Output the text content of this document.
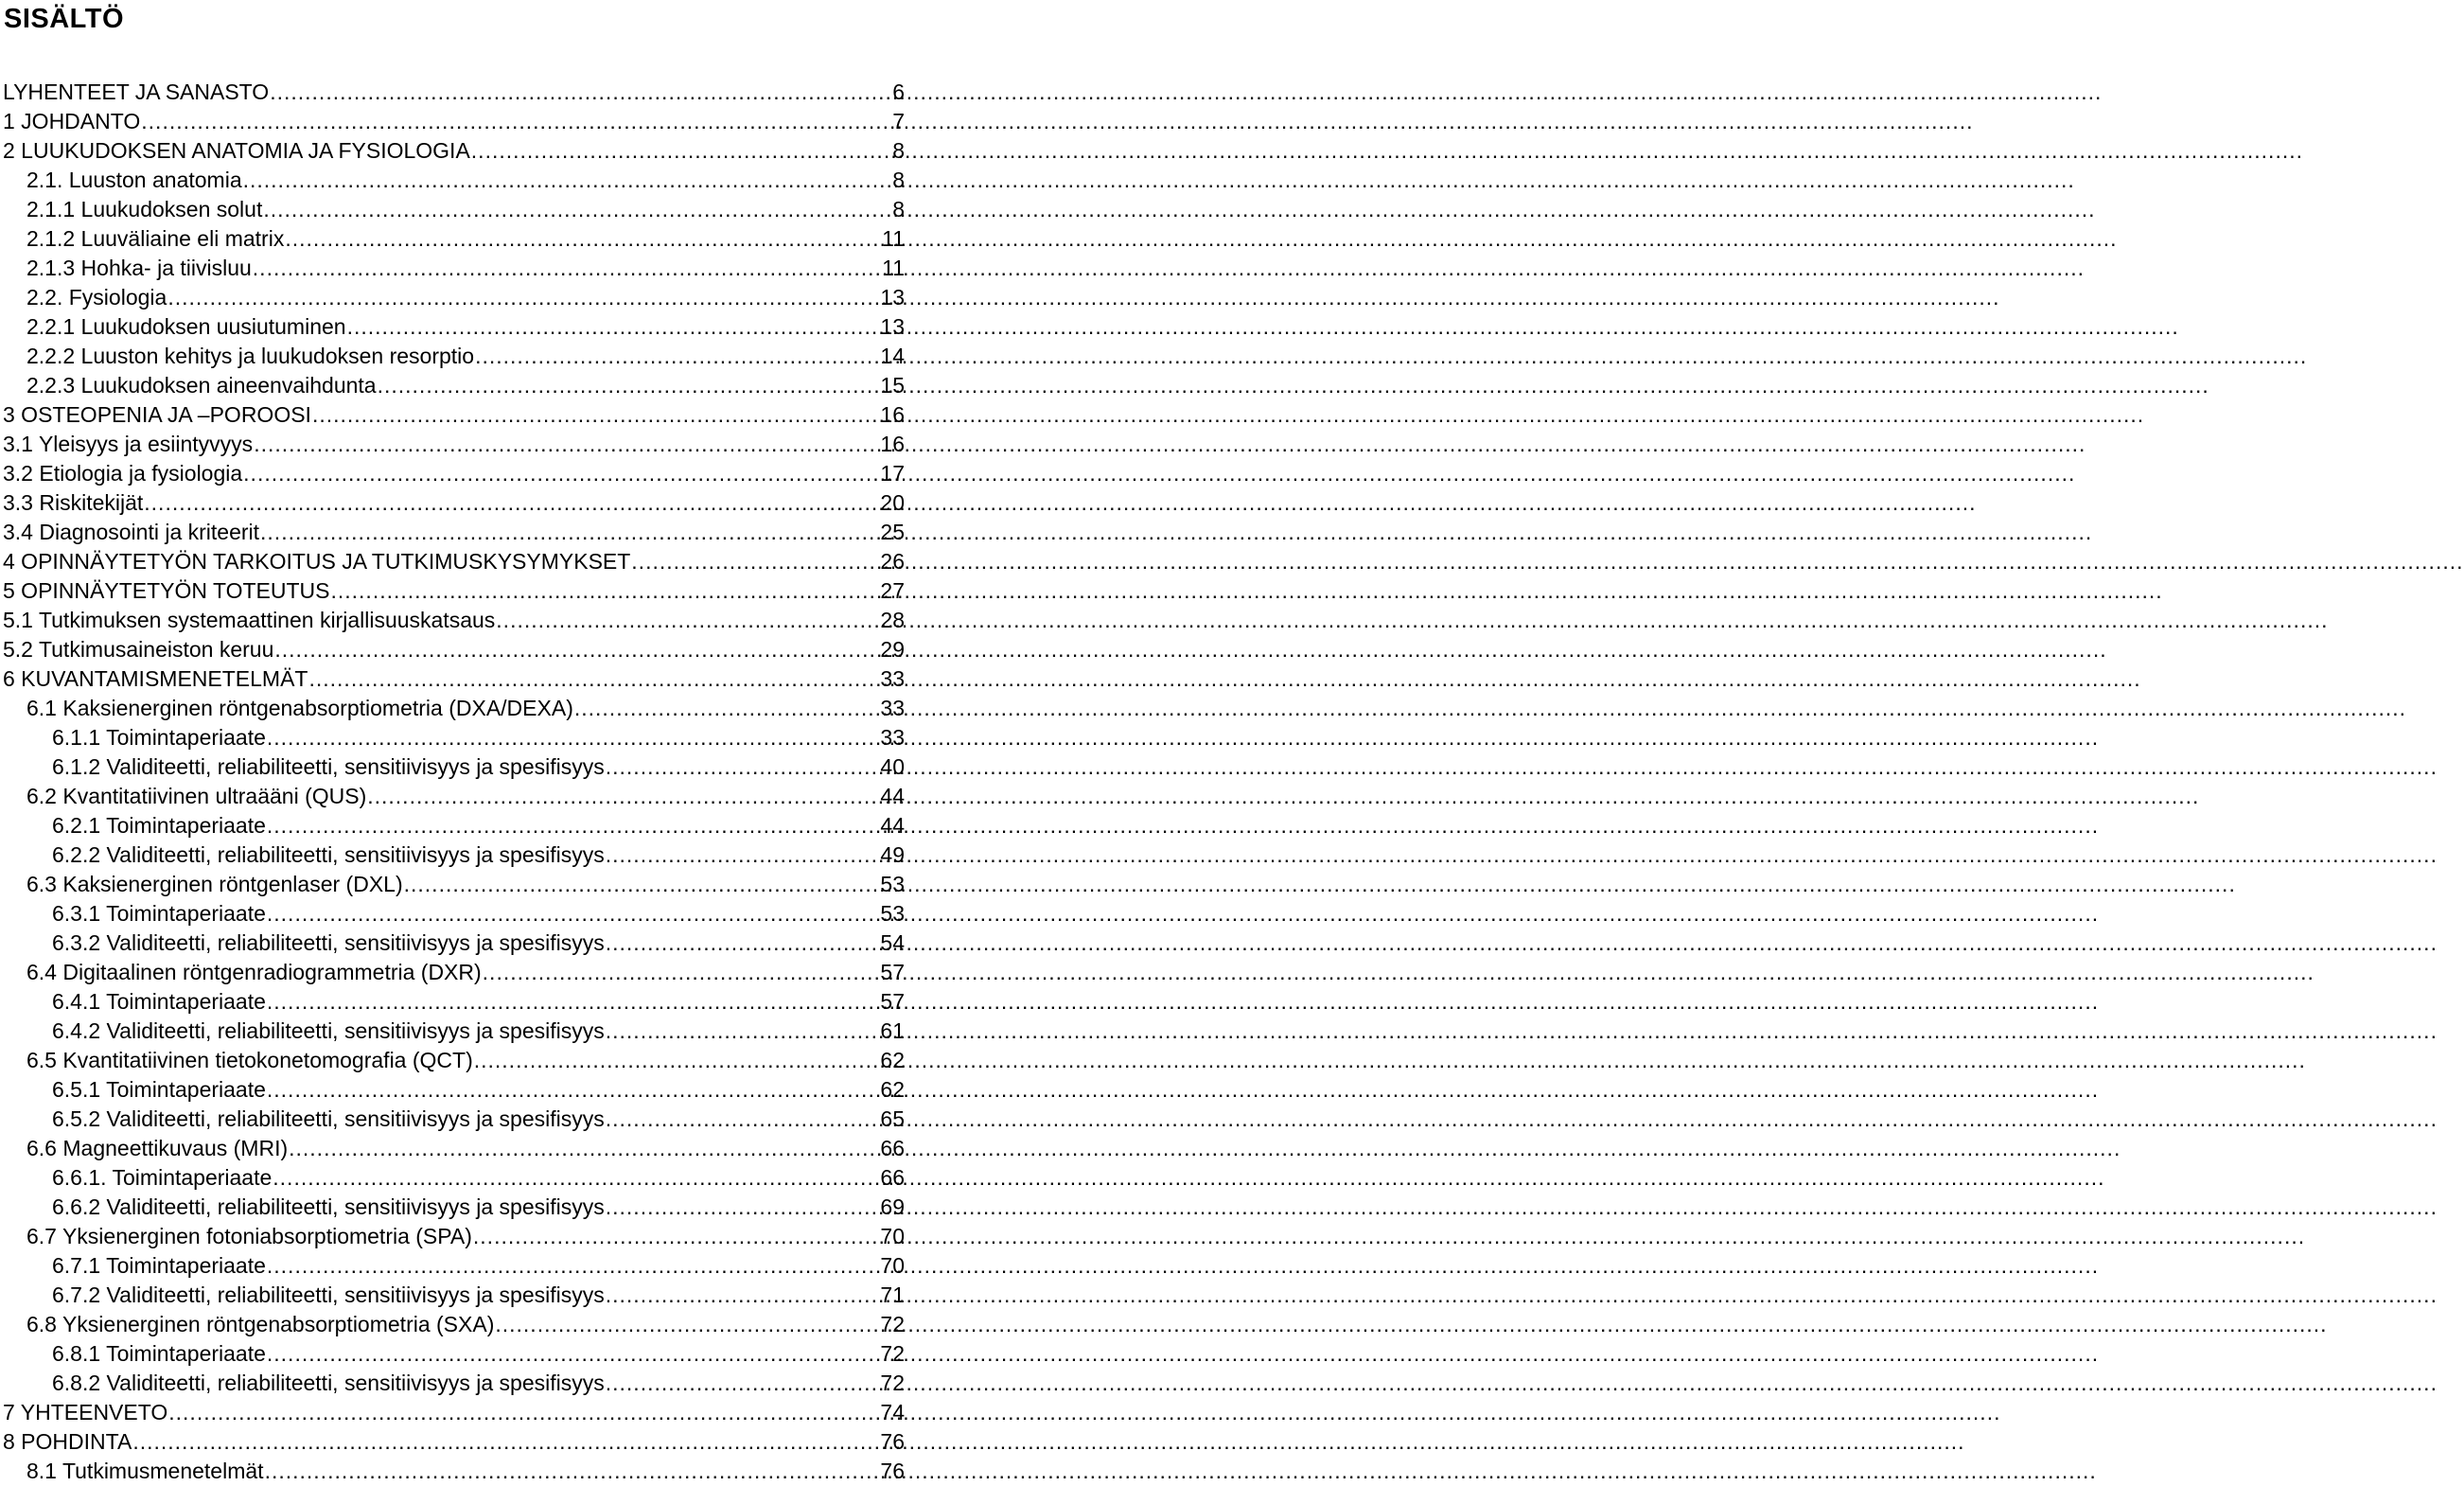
SISÄLTÖ
LYHENTEET JA SANASTO .....	6
1 JOHDANTO .....	7
2 LUUKUDOKSEN ANATOMIA JA FYSIOLOGIA .....	8
2.1. Luuston anatomia .....	8
2.1.1 Luukudoksen solut .....	8
2.1.2 Luuväliaine eli matrix .....	11
2.1.3 Hohka- ja tiivisluu .....	11
2.2. Fysiologia .....	13
2.2.1 Luukudoksen uusiutuminen .....	13
2.2.2 Luuston kehitys ja luukudoksen resorptio .....	14
2.2.3 Luukudoksen aineenvaihdunta .....	15
3 OSTEOPENIA JA –POROOSI .....	16
3.1 Yleisyys ja esiintyvyys .....	16
3.2 Etiologia ja fysiologia .....	17
3.3 Riskitekijät .....	20
3.4 Diagnosointi ja kriteerit .....	25
4 OPINNÄYTETYÖN TARKOITUS JA TUTKIMUSKYSYMYKSET .....	26
5 OPINNÄYTETYÖN TOTEUTUS .....	27
5.1 Tutkimuksen systemaattinen kirjallisuuskatsaus .....	28
5.2 Tutkimusaineiston keruu .....	29
6 KUVANTAMISMENETELMÄT .....	33
6.1 Kaksienerginen röntgenabsorptiometria (DXA/DEXA) .....	33
6.1.1 Toimintaperiaate .....	33
6.1.2 Validiteetti, reliabiliteetti, sensitiivisyys ja spesifisyys .....	40
6.2 Kvantitatiivinen ultraääni (QUS) .....	44
6.2.1 Toimintaperiaate .....	44
6.2.2 Validiteetti, reliabiliteetti, sensitiivisyys ja spesifisyys .....	49
6.3 Kaksienerginen röntgenlaser (DXL) .....	53
6.3.1 Toimintaperiaate .....	53
6.3.2 Validiteetti, reliabiliteetti, sensitiivisyys ja spesifisyys .....	54
6.4 Digitaalinen röntgenradiogrammetria (DXR) .....	57
6.4.1 Toimintaperiaate .....	57
6.4.2 Validiteetti, reliabiliteetti, sensitiivisyys ja spesifisyys .....	61
6.5 Kvantitatiivinen tietokonetomografia (QCT) .....	62
6.5.1 Toimintaperiaate .....	62
6.5.2 Validiteetti, reliabiliteetti, sensitiivisyys ja spesifisyys .....	65
6.6 Magneettikuvaus (MRI) .....	66
6.6.1. Toimintaperiaate .....	66
6.6.2 Validiteetti, reliabiliteetti, sensitiivisyys ja spesifisyys .....	69
6.7 Yksienerginen fotoniabsorptiometria (SPA) .....	70
6.7.1 Toimintaperiaate .....	70
6.7.2 Validiteetti, reliabiliteetti, sensitiivisyys ja spesifisyys .....	71
6.8 Yksienerginen röntgenabsorptiometria (SXA) .....	72
6.8.1 Toimintaperiaate .....	72
6.8.2 Validiteetti, reliabiliteetti, sensitiivisyys ja spesifisyys .....	72
7 YHTEENVETO .....	74
8 POHDINTA .....	76
8.1 Tutkimusmenetelmät .....	76
